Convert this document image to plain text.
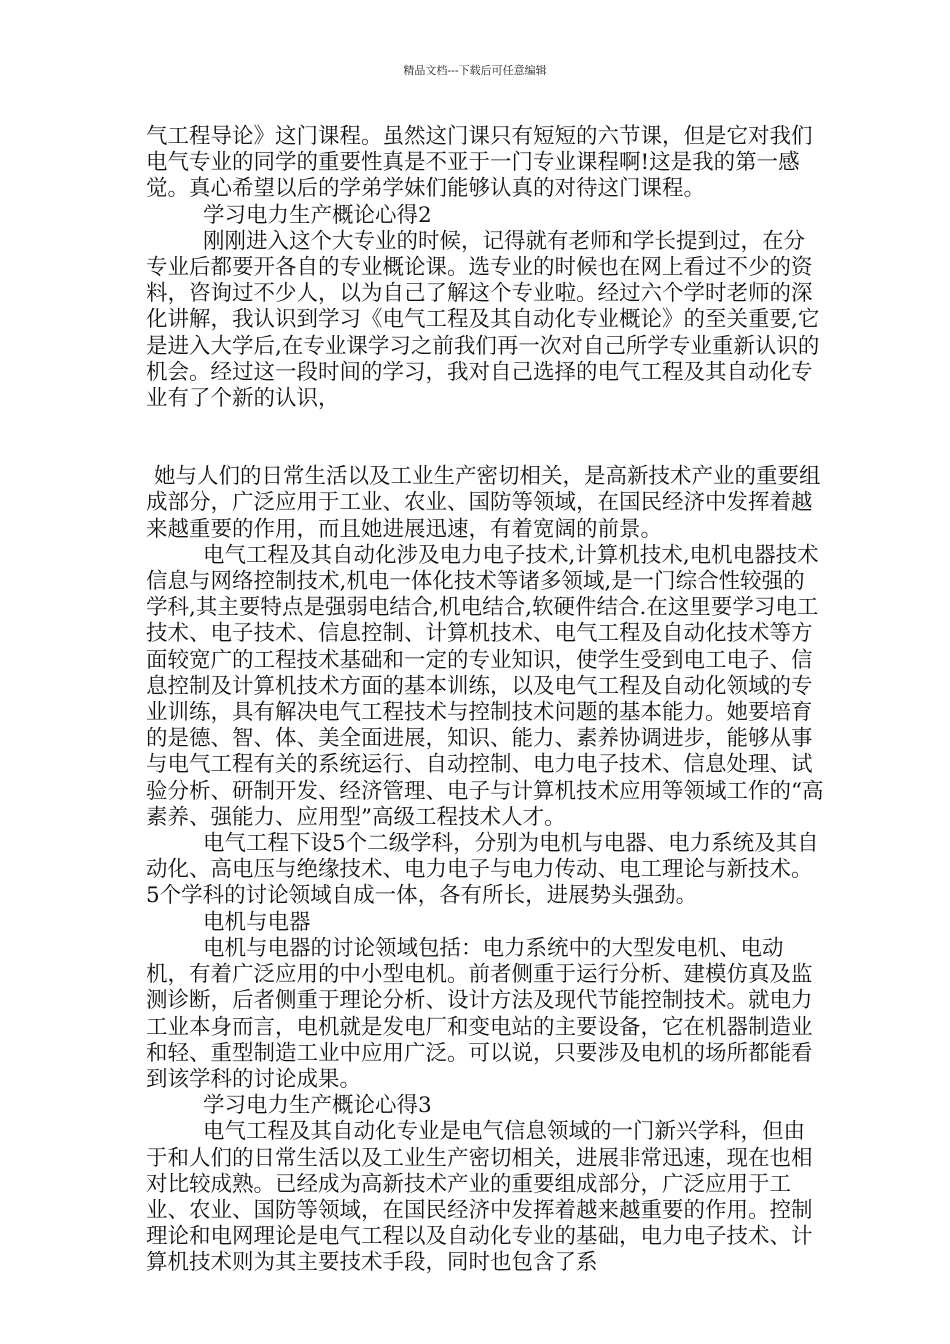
精品文档---下载后可任意编辑

气工程导论》这门课程。虽然这门课只有短短的六节课，但是它对我们电气专业的同学的重要性真是不亚于一门专业课程啊!这是我的第一感觉。真心希望以后的学弟学妹们能够认真的对待这门课程。

学习电力生产概论心得2

刚刚进入这个大专业的时候，记得就有老师和学长提到过，在分专业后都要开各自的专业概论课。选专业的时候也在网上看过不少的资料，咨询过不少人，以为自己了解这个专业啦。经过六个学时老师的深化讲解，我认识到学习《电气工程及其自动化专业概论》的至关重要,它是进入大学后,在专业课学习之前我们再一次对自己所学专业重新认识的机会。经过这一段时间的学习，我对自己选择的电气工程及其自动化专业有了个新的认识，

她与人们的日常生活以及工业生产密切相关，是高新技术产业的重要组成部分，广泛应用于工业、农业、国防等领域，在国民经济中发挥着越来越重要的作用，而且她进展迅速，有着宽阔的前景。

电气工程及其自动化涉及电力电子技术,计算机技术,电机电器技术信息与网络控制技术,机电一体化技术等诸多领域,是一门综合性较强的学科,其主要特点是强弱电结合,机电结合,软硬件结合.在这里要学习电工技术、电子技术、信息控制、计算机技术、电气工程及自动化技术等方面较宽广的工程技术基础和一定的专业知识，使学生受到电工电子、信息控制及计算机技术方面的基本训练，以及电气工程及自动化领域的专业训练，具有解决电气工程技术与控制技术问题的基本能力。她要培育的是德、智、体、美全面进展，知识、能力、素养协调进步，能够从事与电气工程有关的系统运行、自动控制、电力电子技术、信息处理、试验分析、研制开发、经济管理、电子与计算机技术应用等领域工作的“高素养、强能力、应用型”高级工程技术人才。

电气工程下设5个二级学科，分别为电机与电器、电力系统及其自动化、高电压与绝缘技术、电力电子与电力传动、电工理论与新技术。5个学科的讨论领域自成一体，各有所长，进展势头强劲。

电机与电器

电机与电器的讨论领域包括：电力系统中的大型发电机、电动机，有着广泛应用的中小型电机。前者侧重于运行分析、建模仿真及监测诊断，后者侧重于理论分析、设计方法及现代节能控制技术。就电力工业本身而言，电机就是发电厂和变电站的主要设备，它在机器制造业和轻、重型制造工业中应用广泛。可以说，只要涉及电机的场所都能看到该学科的讨论成果。

学习电力生产概论心得3

电气工程及其自动化专业是电气信息领域的一门新兴学科，但由于和人们的日常生活以及工业生产密切相关，进展非常迅速，现在也相对比较成熟。已经成为高新技术产业的重要组成部分，广泛应用于工业、农业、国防等领域，在国民经济中发挥着越来越重要的作用。控制理论和电网理论是电气工程以及自动化专业的基础，电力电子技术、计算机技术则为其主要技术手段，同时也包含了系
